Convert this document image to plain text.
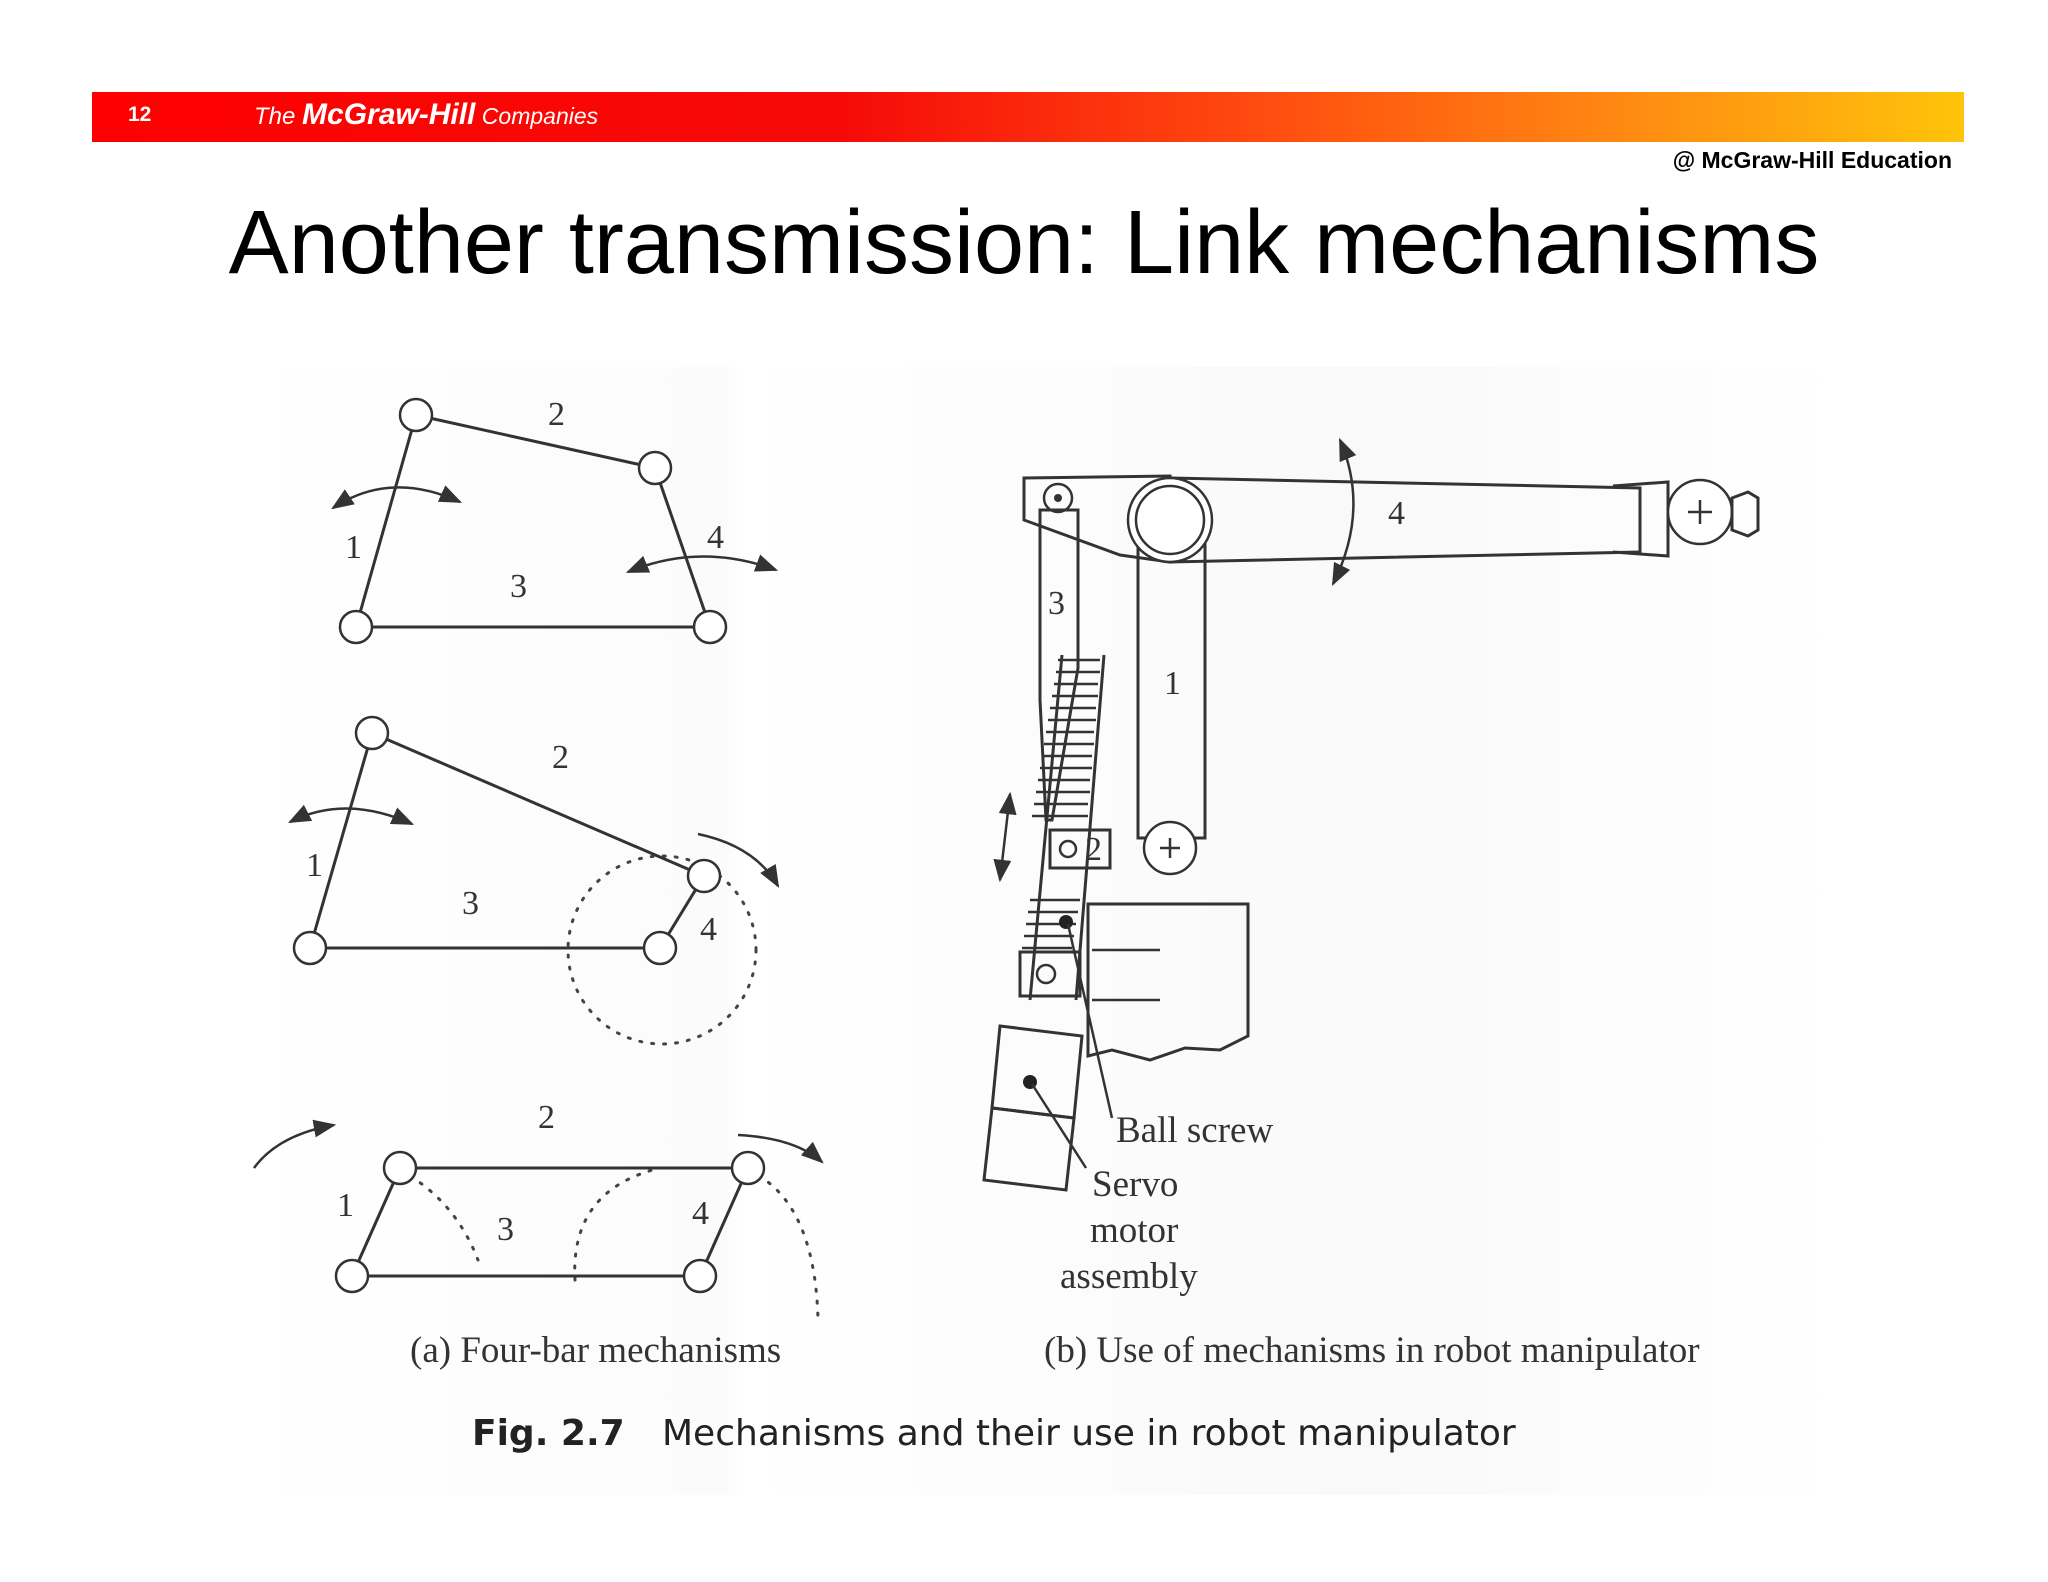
12	The McGraw-Hill Companies
@ McGraw-Hill Education
Another transmission: Link mechanisms
1
2
3
4
1
2
3
4
1
2
3	4
(a) Four-bar mechanisms
1
2
3
4
Ball screw
Servo
motor
assembly
(b) Use of mechanisms in robot manipulator
Fig. 2.7 Mechanisms and their use in robot manipulator
